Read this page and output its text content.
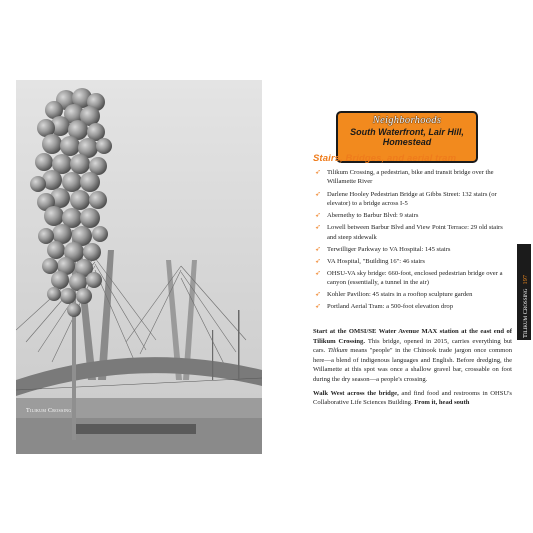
Tilikum Crossing
Neighborhoods
South Waterfront, Lair Hill, Homestead
Stairs, Bridges, and aerial tram
➶ Tilikum Crossing, a pedestrian, bike and transit bridge over the Willamette River
➶ Darlene Hooley Pedestrian Bridge at Gibbs Street: 132 stairs (or elevator) to a bridge across I-5
➶ Abernethy to Barbur Blvd: 9 stairs
➶ Lowell between Barbur Blvd and View Point Terrace: 29 old stairs and steep sidewalk
➶ Terwilliger Parkway to VA Hospital: 145 stairs
➶ VA Hospital, "Building 16": 46 stairs
➶ OHSU-VA sky bridge: 660-foot, enclosed pedestrian bridge over a canyon (essentially, a tunnel in the air)
➶ Kohler Pavilion: 45 stairs in a rooftop sculpture garden
➶ Portland Aerial Tram: a 500-foot elevation drop

Start at the OMSI/SE Water Avenue MAX station at the east end of Tilikum Crossing. This bridge, opened in 2015, carries everything but cars. Tilikum means "people" in the Chinook trade jargon once common here—a blend of indigenous languages and English. Before dredging, the Willamette at this spot was once a shallow gravel bar, crossable on foot during the dry season—a people's crossing.

Walk West across the bridge, and find food and restrooms in OHSU's Collaborative Life Sciences Building. From it, head south

Tilikum Crossing197
